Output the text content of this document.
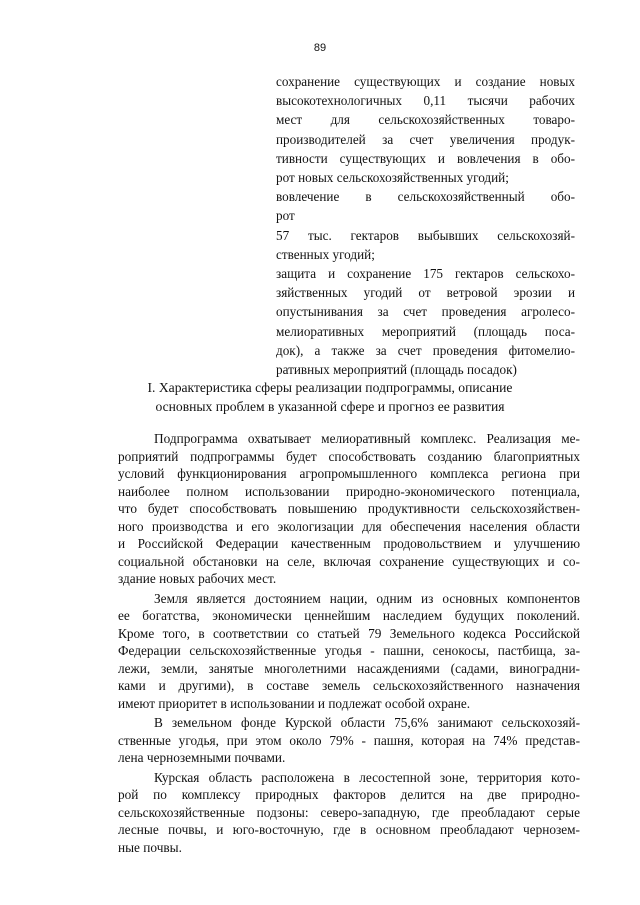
89
сохранение существующих и создание новых
высокотехнологичных 0,11 тысячи рабочих
мест для сельскохозяйственных товаро-
производителей за счет увеличения продук-
тивности существующих и вовлечения в обо-
рот новых сельскохозяйственных угодий;
вовлечение в сельскохозяйственный обо-
рот
57 тыс. гектаров выбывших сельскохозяй-
ственных угодий;
защита и сохранение 175 гектаров сельскохо-
зяйственных угодий от ветровой эрозии и
опустынивания за счет проведения агролесо-
мелиоративных мероприятий (площадь поса-
док), а также за счет проведения фитомелио-
ративных мероприятий (площадь посадок)
I. Характеристика сферы реализации подпрограммы, описание
основных проблем в указанной сфере и прогноз ее развития

Подпрограмма охватывает мелиоративный комплекс. Реализация ме-
роприятий подпрограммы будет способствовать созданию благоприятных
условий функционирования агропромышленного комплекса региона при
наиболее полном использовании природно-экономического потенциала,
что будет способствовать повышению продуктивности сельскохозяйствен-
ного производства и его экологизации для обеспечения населения области
и Российской Федерации качественным продовольствием и улучшению
социальной обстановки на селе, включая сохранение существующих и со-
здание новых рабочих мест.

Земля является достоянием нации, одним из основных компонентов
ее богатства, экономически ценнейшим наследием будущих поколений.
Кроме того, в соответствии со статьей 79 Земельного кодекса Российской
Федерации сельскохозяйственные угодья - пашни, сенокосы, пастбища, за-
лежи, земли, занятые многолетними насаждениями (садами, виноградни-
ками и другими), в составе земель сельскохозяйственного назначения
имеют приоритет в использовании и подлежат особой охране.

В земельном фонде Курской области 75,6% занимают сельскохозяй-
ственные угодья, при этом около 79% - пашня, которая на 74% представ-
лена черноземными почвами.

Курская область расположена в лесостепной зоне, территория кото-
рой по комплексу природных факторов делится на две природно-
сельскохозяйственные подзоны: северо-западную, где преобладают серые
лесные почвы, и юго-восточную, где в основном преобладают чернозем-
ные почвы.
